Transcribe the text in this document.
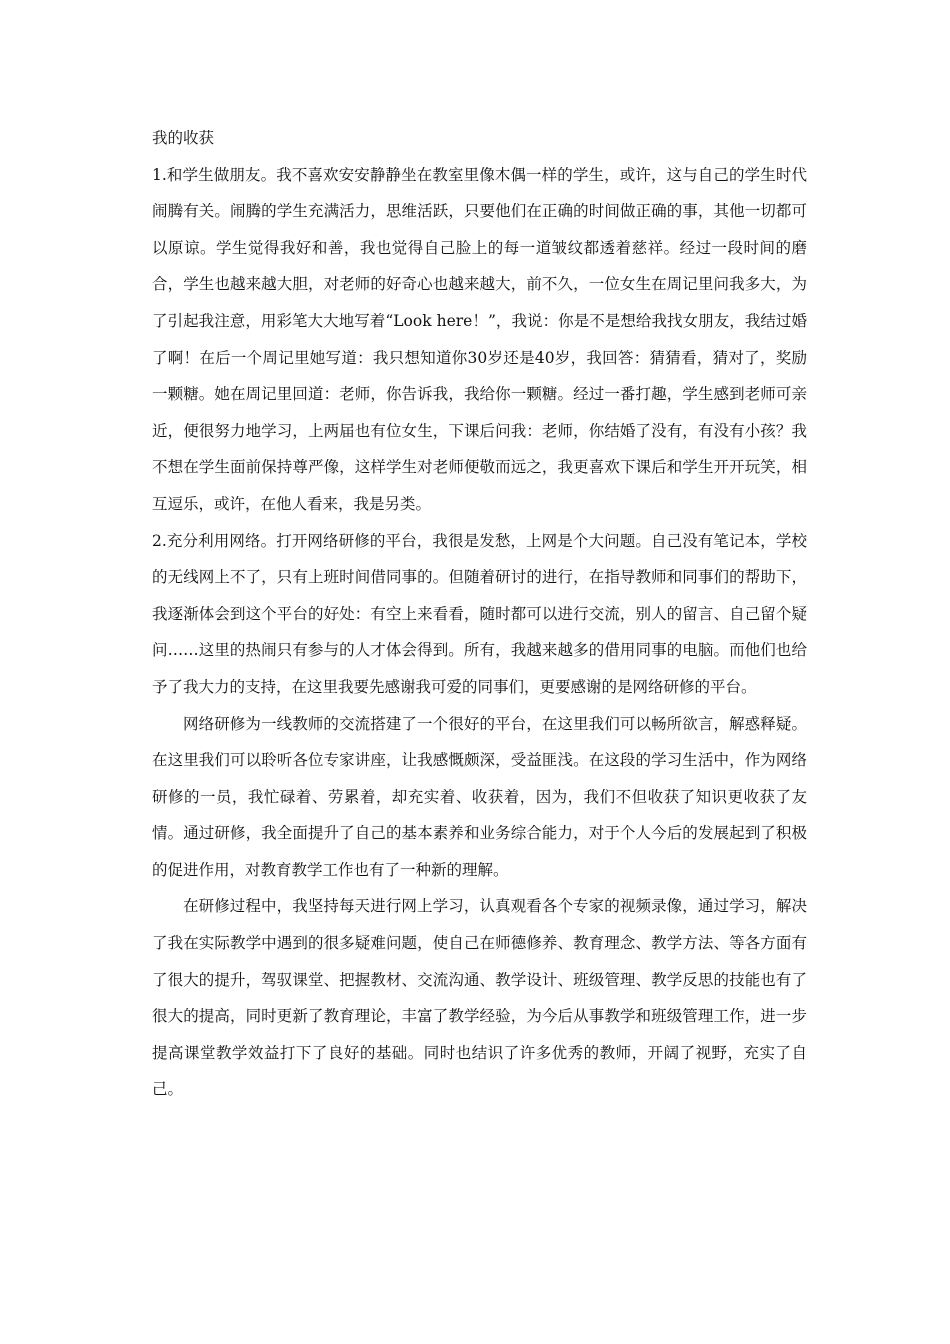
我的收获

1.和学生做朋友。我不喜欢安安静静坐在教室里像木偶一样的学生，或许，这与自己的学生时代闹腾有关。闹腾的学生充满活力，思维活跃，只要他们在正确的时间做正确的事，其他一切都可以原谅。学生觉得我好和善，我也觉得自己脸上的每一道皱纹都透着慈祥。经过一段时间的磨合，学生也越来越大胆，对老师的好奇心也越来越大，前不久，一位女生在周记里问我多大，为了引起我注意，用彩笔大大地写着“Look here！”，我说：你是不是想给我找女朋友，我结过婚了啊！在后一个周记里她写道：我只想知道你30岁还是40岁，我回答：猜猜看，猜对了，奖励一颗糖。她在周记里回道：老师，你告诉我，我给你一颗糖。经过一番打趣，学生感到老师可亲近，便很努力地学习，上两届也有位女生，下课后问我：老师，你结婚了没有，有没有小孩？我不想在学生面前保持尊严像，这样学生对老师便敬而远之，我更喜欢下课后和学生开开玩笑，相互逗乐，或许，在他人看来，我是另类。

2.充分利用网络。打开网络研修的平台，我很是发愁，上网是个大问题。自己没有笔记本，学校的无线网上不了，只有上班时间借同事的。但随着研讨的进行，在指导教师和同事们的帮助下，我逐渐体会到这个平台的好处：有空上来看看，随时都可以进行交流，别人的留言、自己留个疑问……这里的热闹只有参与的人才体会得到。所有，我越来越多的借用同事的电脑。而他们也给予了我大力的支持，在这里我要先感谢我可爱的同事们，更要感谢的是网络研修的平台。

网络研修为一线教师的交流搭建了一个很好的平台，在这里我们可以畅所欲言，解惑释疑。在这里我们可以聆听各位专家讲座，让我感慨颇深，受益匪浅。在这段的学习生活中，作为网络研修的一员，我忙碌着、劳累着，却充实着、收获着，因为，我们不但收获了知识更收获了友情。通过研修，我全面提升了自己的基本素养和业务综合能力，对于个人今后的发展起到了积极的促进作用，对教育教学工作也有了一种新的理解。

在研修过程中，我坚持每天进行网上学习，认真观看各个专家的视频录像，通过学习，解决了我在实际教学中遇到的很多疑难问题，使自己在师德修养、教育理念、教学方法、等各方面有了很大的提升，驾驭课堂、把握教材、交流沟通、教学设计、班级管理、教学反思的技能也有了很大的提高，同时更新了教育理论，丰富了教学经验，为今后从事教学和班级管理工作，进一步提高课堂教学效益打下了良好的基础。同时也结识了许多优秀的教师，开阔了视野，充实了自己。
